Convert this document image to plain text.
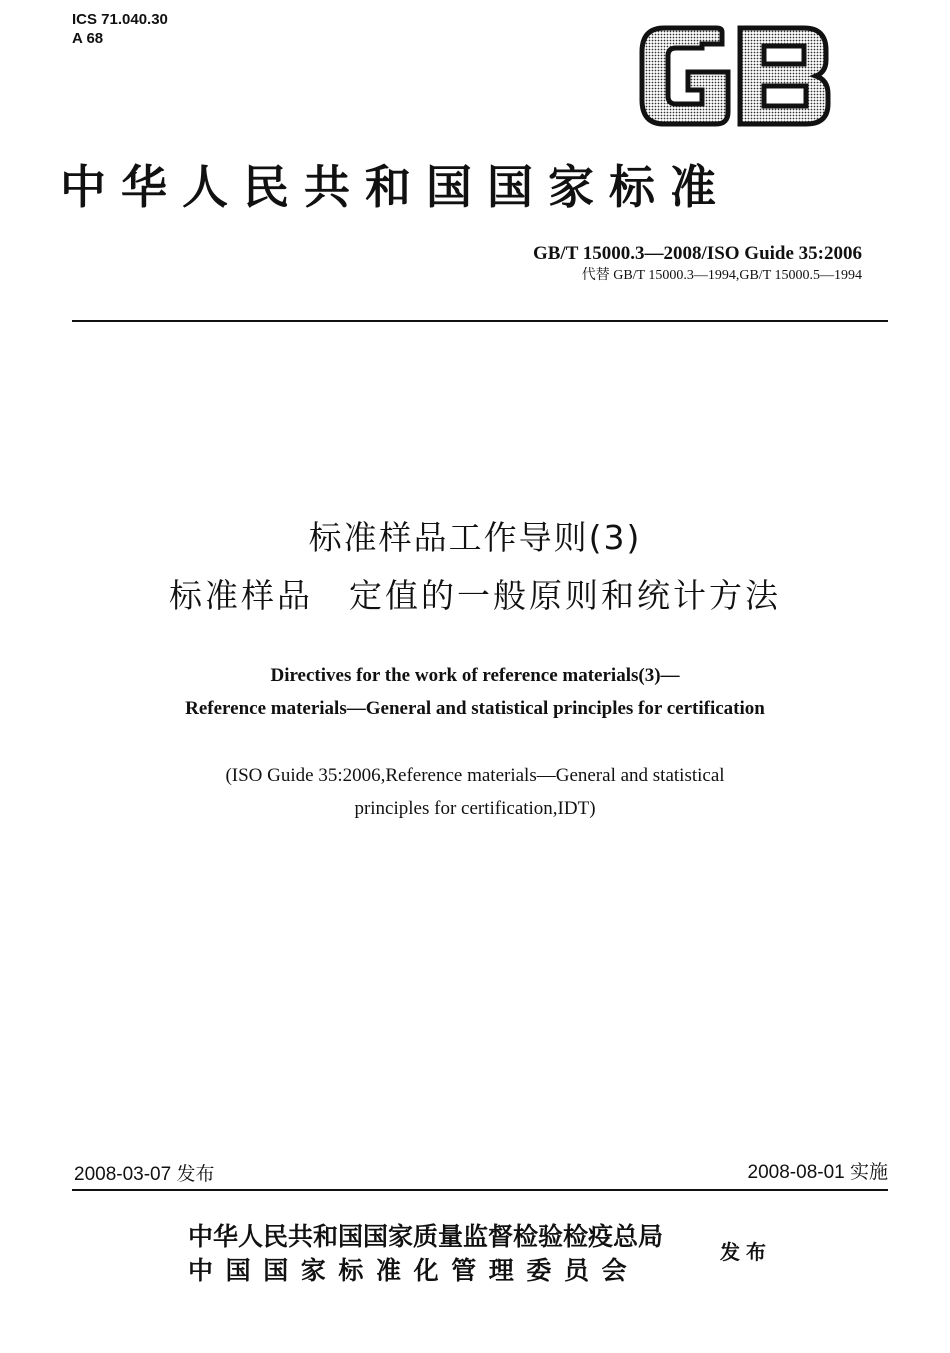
ICS 71.040.30
A 68
中华人民共和国国家标准
GB/T 15000.3—2008/ISO Guide 35:2006
代替 GB/T 15000.3—1994,GB/T 15000.5—1994
标准样品工作导则(3)
标准样品　定值的一般原则和统计方法
Directives for the work of reference materials(3)—
Reference materials—General and statistical principles for certification
(ISO Guide 35:2006,Reference materials—General and statistical
principles for certification,IDT)
2008-03-07 发布	2008-08-01 实施
中华人民共和国国家质量监督检验检疫总局
中国国家标准化管理委员会
发布
